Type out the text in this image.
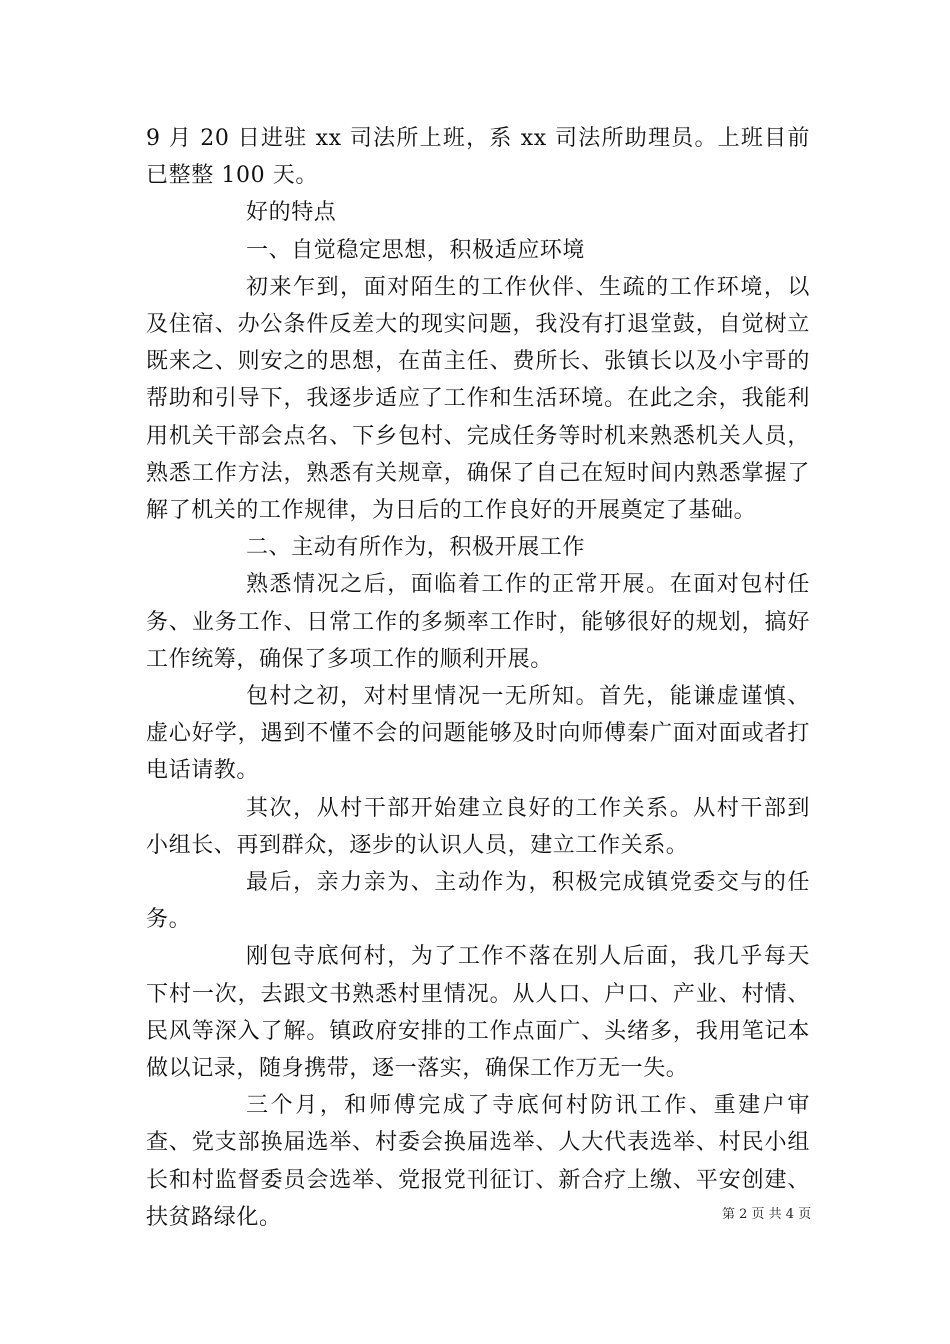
9 月 20 日进驻 xx 司法所上班，系 xx 司法所助理员。上班目前已整整 100 天。

好的特点

一、自觉稳定思想，积极适应环境

初来乍到，面对陌生的工作伙伴、生疏的工作环境，以及住宿、办公条件反差大的现实问题，我没有打退堂鼓，自觉树立既来之、则安之的思想，在苗主任、费所长、张镇长以及小宇哥的帮助和引导下，我逐步适应了工作和生活环境。在此之余，我能利用机关干部会点名、下乡包村、完成任务等时机来熟悉机关人员，熟悉工作方法，熟悉有关规章，确保了自己在短时间内熟悉掌握了解了机关的工作规律，为日后的工作良好的开展奠定了基础。

二、主动有所作为，积极开展工作

熟悉情况之后，面临着工作的正常开展。在面对包村任务、业务工作、日常工作的多频率工作时，能够很好的规划，搞好工作统筹，确保了多项工作的顺利开展。

包村之初，对村里情况一无所知。首先，能谦虚谨慎、虚心好学，遇到不懂不会的问题能够及时向师傅秦广面对面或者打电话请教。

其次，从村干部开始建立良好的工作关系。从村干部到小组长、再到群众，逐步的认识人员，建立工作关系。

最后，亲力亲为、主动作为，积极完成镇党委交与的任务。

刚包寺底何村，为了工作不落在别人后面，我几乎每天下村一次，去跟文书熟悉村里情况。从人口、户口、产业、村情、民风等深入了解。镇政府安排的工作点面广、头绪多，我用笔记本做以记录，随身携带，逐一落实，确保工作万无一失。

三个月，和师傅完成了寺底何村防讯工作、重建户审查、党支部换届选举、村委会换届选举、人大代表选举、村民小组长和村监督委员会选举、党报党刊征订、新合疗上缴、平安创建、扶贫路绿化。	第 2 页 共 4 页
